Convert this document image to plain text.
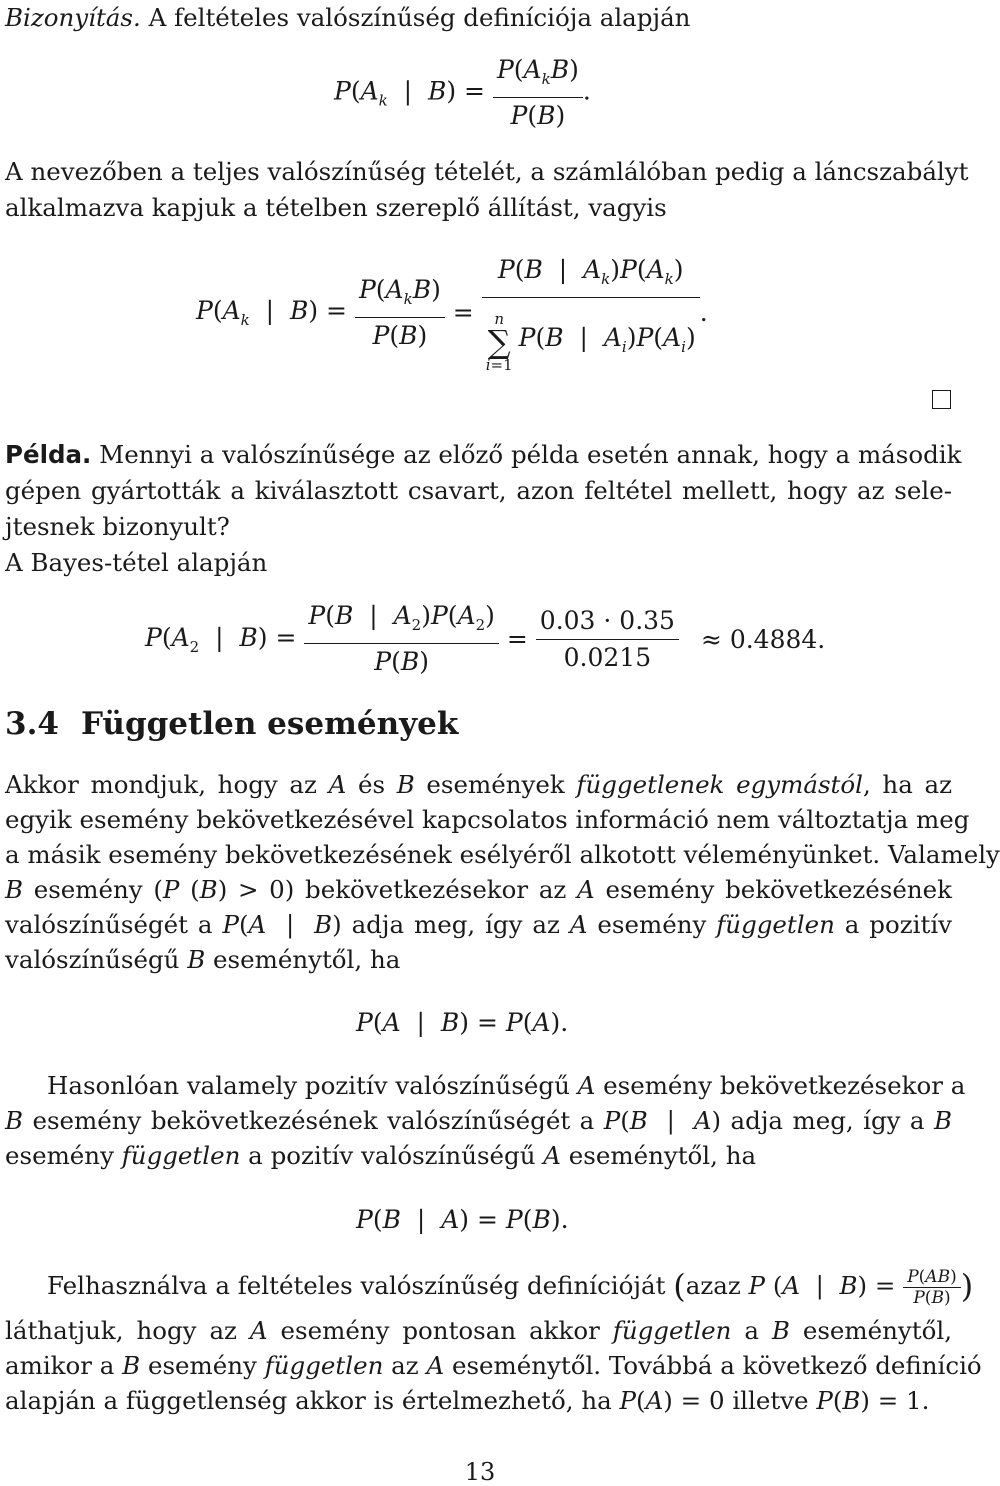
Bizonyítás. A feltételes valószínűség definíciója alapján
$P(A_k$  |  $B) = \frac{P(A_kB)}{P(B)}$ .
A nevezőben a teljes valószínűség tételét, a számlálóban pedig a láncszabályt
alkalmazva kapjuk a tételben szereplő állítást, vagyis
$P(A_k$  |  $B) = \frac{P(A_kB)}{P(B)} = P(B$  |  $A_k)P(A_k)$
n
∑
i=1
P(B  |  $A_i)P(A_i)$ .
Példa. Mennyi a valószínűsége az előző példa esetén annak, hogy a második
gépen gyártották a kiválasztott csavart, azon feltétel mellett, hogy az sele-
jtesnek bizonyult?
A Bayes-tétel alapján
$P(A_2$  |  $B) = \frac{P(B | A_2)P(A_2)}{P(B)} = \frac{0.03 \cdot 0.35}{0.0215} \approx 0.4884$.
3.4 Független események
Akkor mondjuk, hogy az A és B események függetlenek egymástól, ha az
egyik esemény bekövetkezésével kapcsolatos információ nem változtatja meg
a másik esemény bekövetkezésének esélyéről alkotott véleményünket. Valamely
B esemény (P (B) > 0) bekövetkezésekor az A esemény bekövetkezésének
valószínűségét a P(A  |  B) adja meg, így az A esemény független a pozitív
valószínűségű B eseménytől, ha
P(A  |  B) = P(A).
Hasonlóan valamely pozitív valószínűségű A esemény bekövetkezésekor a
B esemény bekövetkezésének valószínűségét a P(B  |  A) adja meg, így a B
esemény független a pozitív valószínűségű A eseménytől, ha
P(B  |  A) = P(B).
Felhasználva a feltételes valószínűség definícióját (azaz P (A  |  $B) = \frac{P(AB)}{P(B)}$ )
láthatjuk, hogy az A esemény pontosan akkor független a B eseménytől,
amikor a B esemény független az A eseménytől. Továbbá a következő definíció
alapján a függetlenség akkor is értelmezhető, ha P(A) = 0 illetve P(B) = 1.
13
